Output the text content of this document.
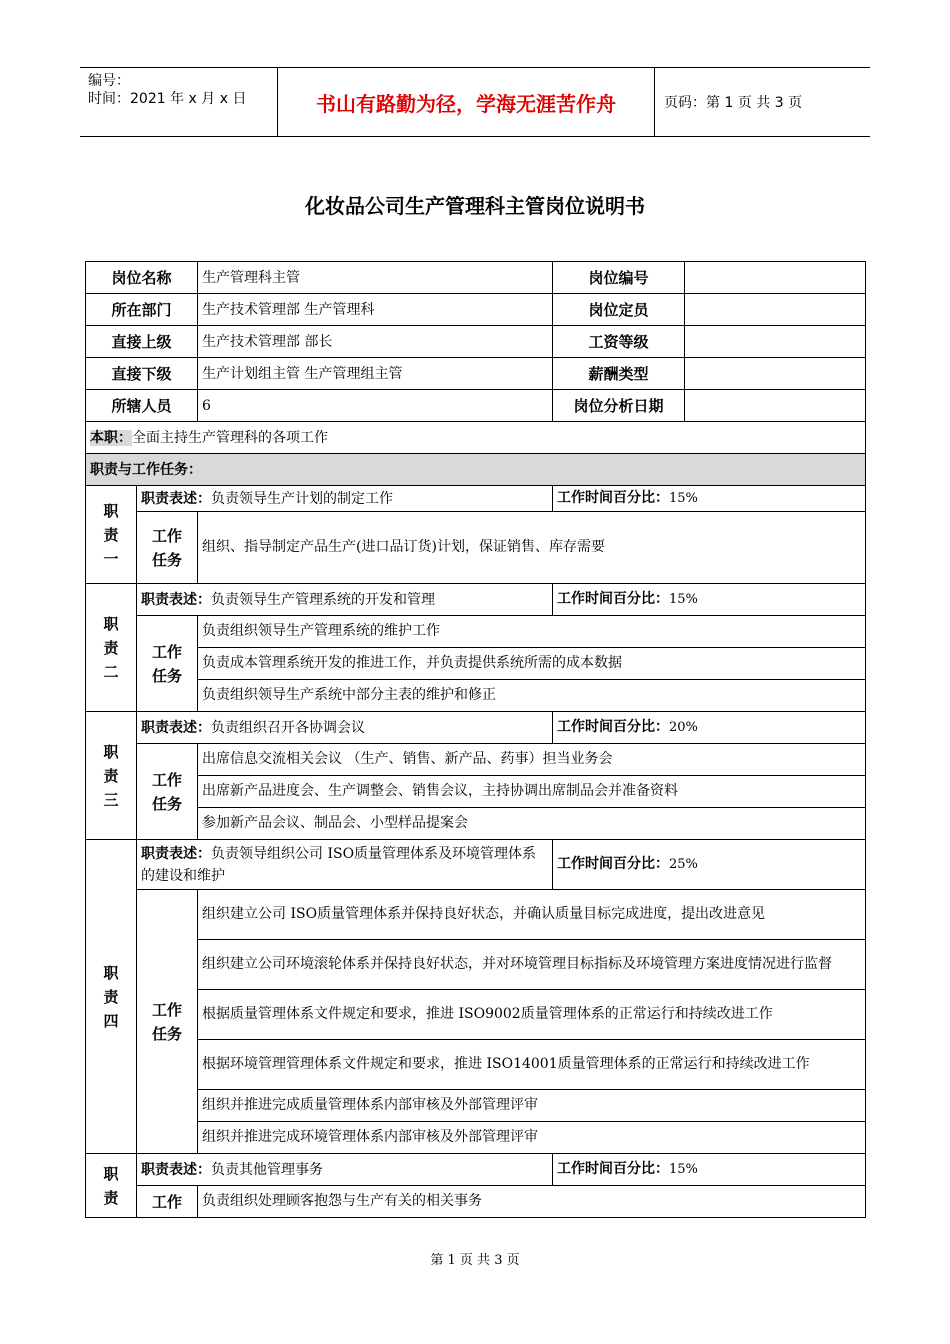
编号：
时间：2021 年 x 月 x 日	书山有路勤为径，学海无涯苦作舟	页码：第 1 页 共 3 页
化妆品公司生产管理科主管岗位说明书
岗位名称		生产管理科主管	岗位编号	
所在部门		生产技术管理部 生产管理科	岗位定员	
直接上级		生产技术管理部 部长	工资等级	
直接下级		生产计划组主管 生产管理组主管	薪酬类型	
所辖人员		6	岗位分析日期	
本职：全面主持生产管理科的各项工作				
职责与工作任务：				
职责一	职责表述：负责领导生产计划的制定工作		工作时间百分比：15%	
	工作任务	组织、指导制定产品生产(进口品订货)计划，保证销售、库存需要		
职责二	职责表述：负责领导生产管理系统的开发和管理		工作时间百分比：15%	
	工作任务	负责组织领导生产管理系统的维护工作		
		负责成本管理系统开发的推进工作，并负责提供系统所需的成本数据		
		负责组织领导生产系统中部分主表的维护和修正		
职责三	职责表述：负责组织召开各协调会议		工作时间百分比：20%	
	工作任务	出席信息交流相关会议 （生产、销售、新产品、药事）担当业务会		
		出席新产品进度会、生产调整会、销售会议，主持协调出席制品会并准备资料		
		参加新产品会议、制品会、小型样品提案会		
职责四	职责表述：负责领导组织公司 ISO质量管理体系及环境管理体系的建设和维护		工作时间百分比：25%	
	工作任务	组织建立公司 ISO质量管理体系并保持良好状态，并确认质量目标完成进度，提出改进意见		
		组织建立公司环境滚轮体系并保持良好状态，并对环境管理目标指标及环境管理方案进度情况进行监督		
		根据质量管理体系文件规定和要求，推进 ISO9002质量管理体系的正常运行和持续改进工作		
		根据环境管理管理体系文件规定和要求，推进 ISO14001质量管理体系的正常运行和持续改进工作		
		组织并推进完成质量管理体系内部审核及外部管理评审		
		组织并推进完成环境管理体系内部审核及外部管理评审		
职责	职责表述：负责其他管理事务		工作时间百分比：15%	
	工作	负责组织处理顾客抱怨与生产有关的相关事务		
第 1 页 共 3 页
